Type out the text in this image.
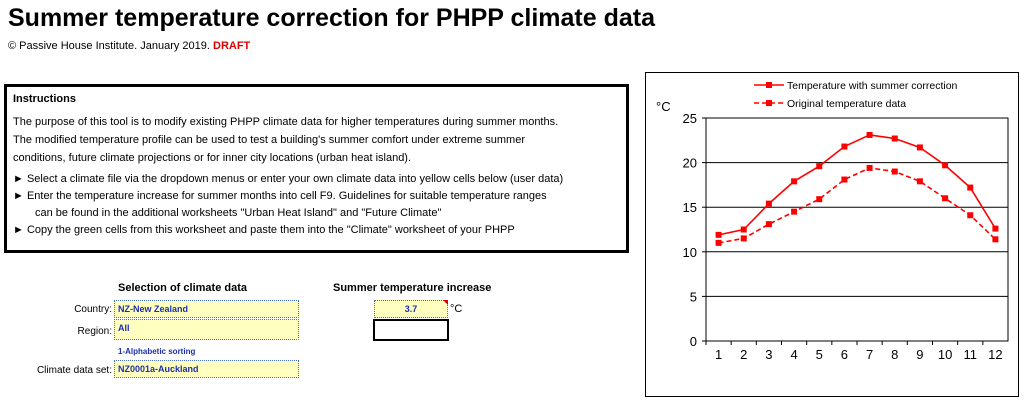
Summer temperature correction for PHPP climate data
© Passive House Institute. January 2019. DRAFT
Instructions

The purpose of this tool is to modify existing PHPP climate data for higher temperatures during summer months.

The modified temperature profile can be used to test a building's summer comfort under extreme summer

conditions, future climate projections or for inner city locations (urban heat island).

► Select a climate file via the dropdown menus or enter your own climate data into yellow cells below (user data)
► Enter the temperature increase for summer months into cell F9. Guidelines for suitable temperature ranges
can be found in the additional worksheets "Urban Heat Island" and "Future Climate"
► Copy the green cells from this worksheet and paste them into the "Climate" worksheet of your PHPP
Selection of climate data	Summer temperature increase
Country: NZ-New Zealand
Region: All
1-Alphabetic sorting
Climate data set: NZ0001a-Auckland
3.7	°C
0
5
10
15
20
25
1 2 3 4 5 6 7 8 9 10 11 12
°C
Temperature with summer correction
Original temperature data
